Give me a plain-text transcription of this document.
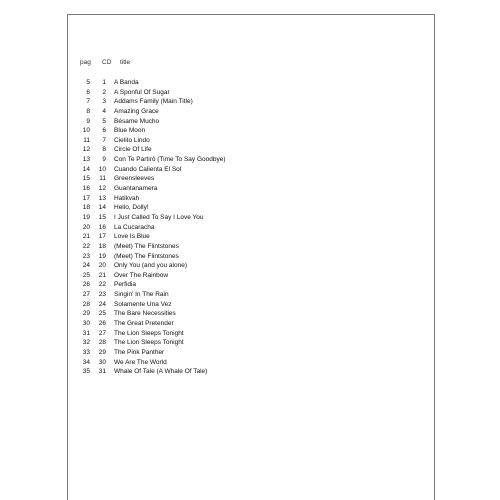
pag CD title
5	1 A Banda
6	2 A Sponful Of Sugar
7	3 Addams Family (Main Title)
8	4 Amazing Grace
9	5 Bésame Mucho
10	6 Blue Moon
11	7 Cielito Lindo
12	8 Circle Of Life
13	9 Con Te Partirò (Time To Say Goodbye)
14	10 Cuando Calienta El Sol
15	11 Greensleeves
16	12 Guantanamera
17	13 Hatikvah
18	14 Hello, Dolly!
19	15 I Just Called To Say I Love You
20	16 La Cucaracha
21	17 Love Is Blue
22	18 (Meet) The Flintstones
23	19 (Meet) The Flintstones
24	20 Only You (and you alone)
25	21 Over The Rainbow
26	22 Perfidia
27	23 Singin' In The Rain
28	24 Solamente Una Vez
29	25 The Bare Necessities
30	26 The Great Pretender
31	27 The Lion Sleeps Tonight
32	28 The Lion Sleeps Tonight
33	29 The Pink Panther
34	30 We Are The World
35	31 Whale Of Tale (A Whale Of Tale)
